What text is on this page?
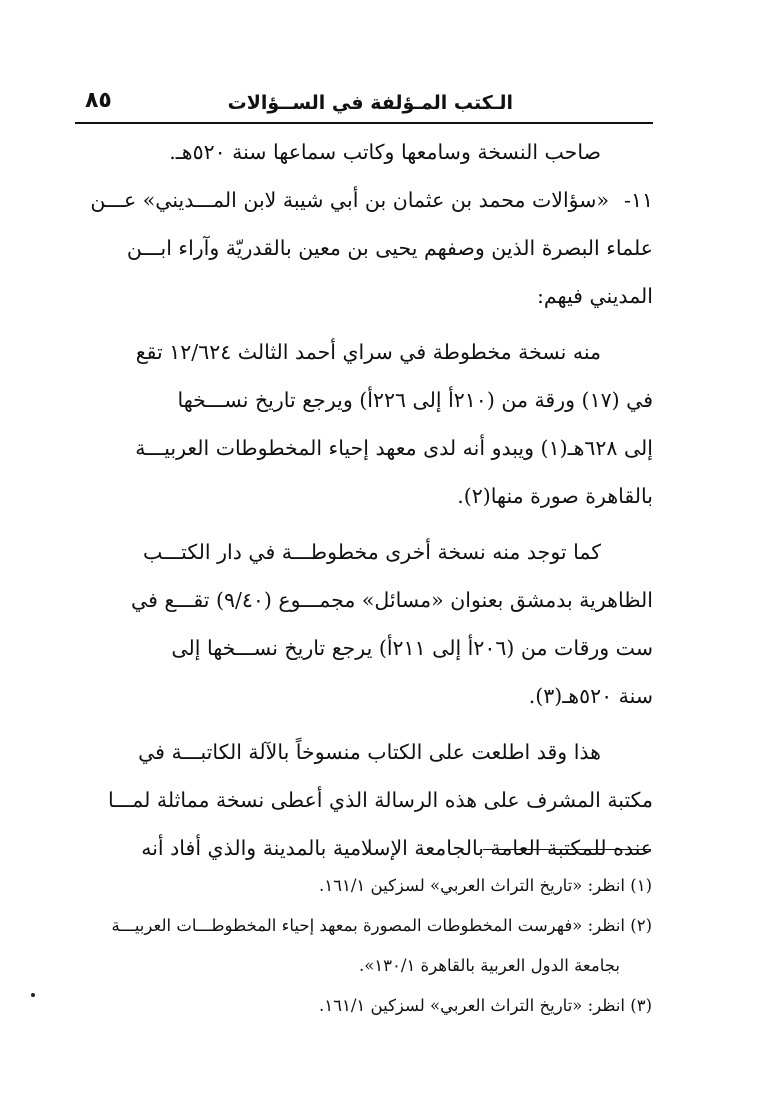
٨٥	الـكتب المـؤلفة في الســؤالات

صاحب النسخة وسامعها وكاتب سماعها سنة ٥٢٠هـ.

١١-«سؤالات محمد بن عثمان بن أبي شيبة لابن المـــديني» عـــن

علماء البصرة الذين وصفهم يحيى بن معين بالقدريّة وآراء ابـــن

المديني فيهم:

منه نسخة مخطوطة في سراي أحمد الثالث ١٢/٦٢٤ تقع

في (١٧) ورقة من (٢١٠أ إلى ٢٢٦أ) ويرجع تاريخ نســـخها

إلى ٦٢٨هـ(١) ويبدو أنه لدى معهد إحياء المخطوطات العربيـــة

بالقاهرة صورة منها(٢).

كما توجد منه نسخة أخرى مخطوطـــة في دار الكتـــب

الظاهرية بدمشق بعنوان «مسائل» مجمـــوع (٩/٤٠) تقـــع في

ست ورقات من (٢٠٦أ إلى ٢١١أ) يرجع تاريخ نســـخها إلى

سنة ٥٢٠هـ(٣).

هذا وقد اطلعت على الكتاب منسوخاً بالآلة الكاتبـــة في

مكتبة المشرف على هذه الرسالة الذي أعطى نسخة مماثلة لمـــا

عنده للمكتبة العامة بالجامعة الإسلامية بالمدينة والذي أفاد أنه

(١) انظر: «تاريخ التراث العربي» لسزكين ١٦١/١.

(٢) انظر: «فهرست المخطوطات المصورة بمعهد إحياء المخطوطـــات العربيـــة

بجامعة الدول العربية بالقاهرة ١٣٠/١».

(٣) انظر: «تاريخ التراث العربي» لسزكين ١٦١/١.
